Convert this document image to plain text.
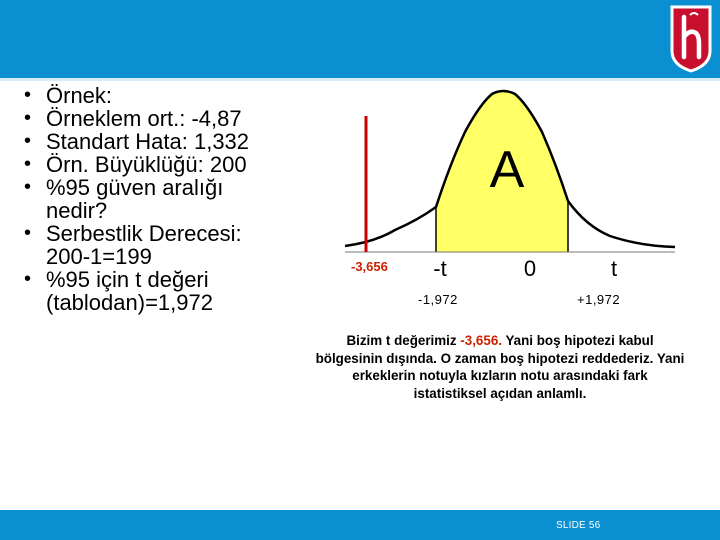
• Örnek:
• Örneklem ort.: -4,87
• Standart Hata: 1,332
• Örn. Büyüklüğü: 200
• %95 güven aralığı nedir?
• Serbestlik Derecesi: 200-1=199
• %95 için t değeri (tablodan)=1,972
A
-t	0	t
-3,656
-1,972	+1,972
Bizim t değerimiz -3,656. Yani boş hipotezi kabul bölgesinin dışında. O zaman boş hipotezi reddederiz. Yani erkeklerin notuyla kızların notu arasındaki fark istatistiksel açıdan anlamlı.
SLIDE 56
